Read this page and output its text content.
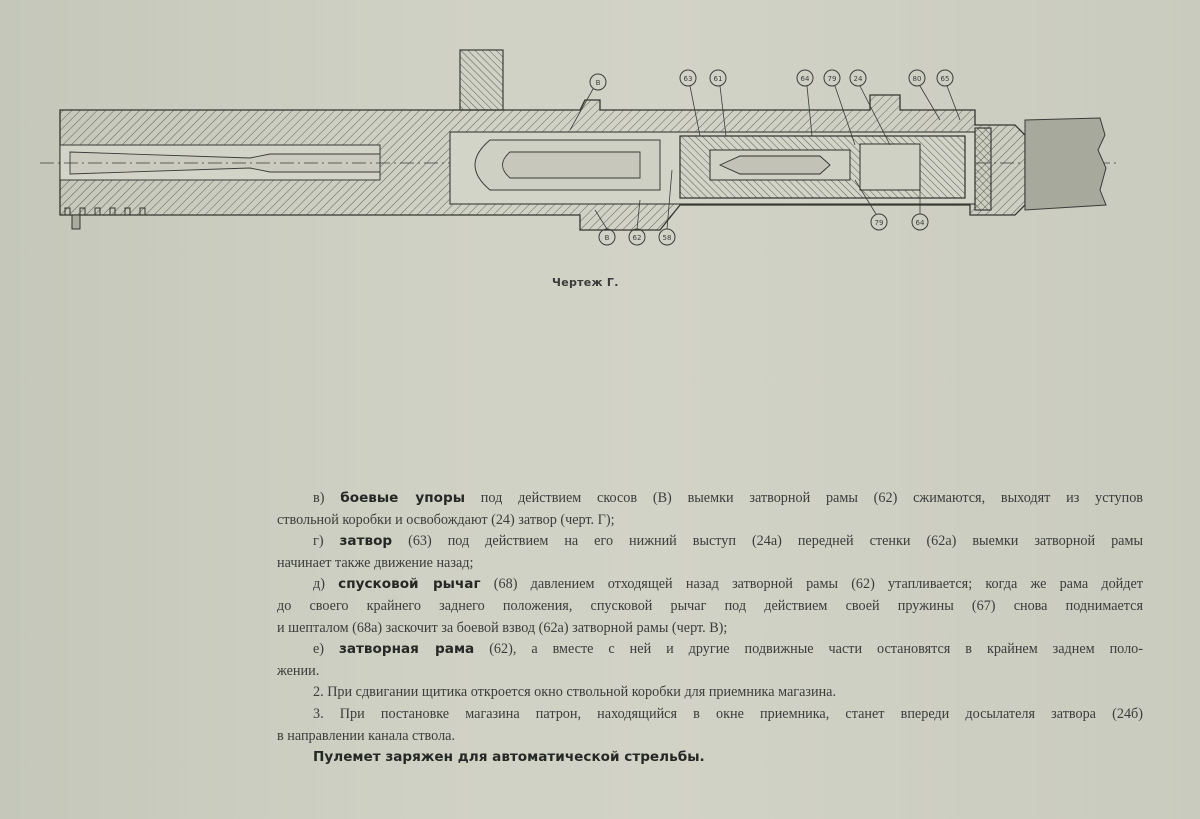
В	63	61	64	79 24	80	65
В	62	58
79	64
Чертеж Г.

в) боевые упоры под действием скосов (В) выемки затворной рамы (62) сжимаются, выходят из уступов

ствольной коробки и освобождают (24) затвор (черт. Г);

г) затвор (63) под действием на его нижний выступ (24а) передней стенки (62а) выемки затворной рамы

начинает также движение назад;

д) спусковой рычаг (68) давлением отходящей назад затворной рамы (62) утапливается; когда же рама дойдет

до своего крайнего заднего положения, спусковой рычаг под действием своей пружины (67) снова поднимается

и шепталом (68а) заскочит за боевой взвод (62а) затворной рамы (черт. В);

е) затворная рама (62), а вместе с ней и другие подвижные части остановятся в крайнем заднем поло-

жении.

2. При сдвигании щитика откроется окно ствольной коробки для приемника магазина.

3. При постановке магазина патрон, находящийся в окне приемника, станет впереди досылателя затвора (24б)

в направлении канала ствола.

Пулемет заряжен для автоматической стрельбы.
